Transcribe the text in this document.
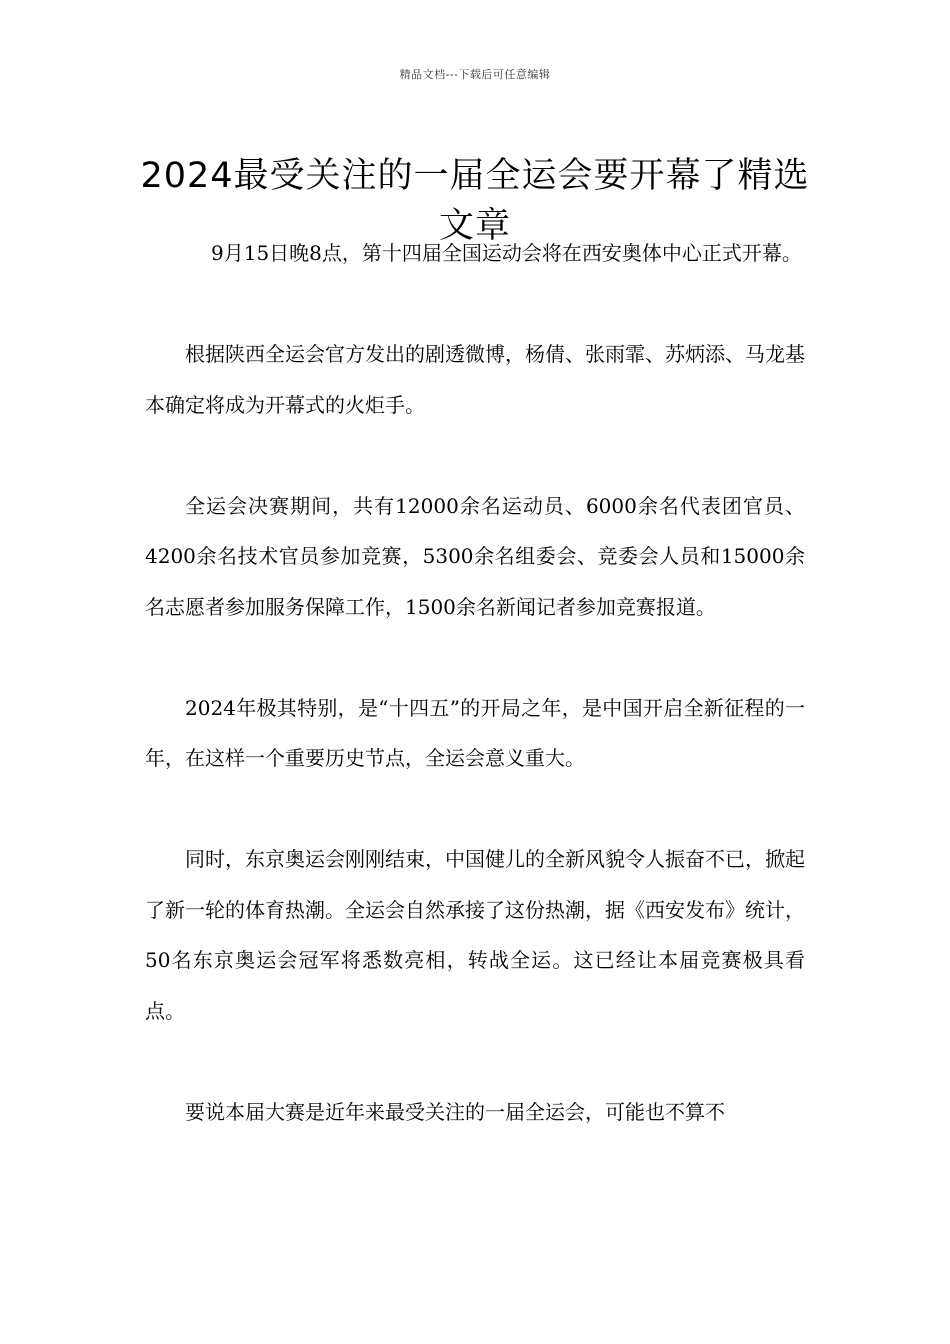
精品文档---下载后可任意编辑
2024最受关注的一届全运会要开幕了精选文章

9月15日晚8点，第十四届全国运动会将在西安奥体中心正式开幕。

根据陕西全运会官方发出的剧透微博，杨倩、张雨霏、苏炳添、马龙基本确定将成为开幕式的火炬手。

全运会决赛期间，共有12000余名运动员、6000余名代表团官员、4200余名技术官员参加竞赛，5300余名组委会、竞委会人员和15000余名志愿者参加服务保障工作，1500余名新闻记者参加竞赛报道。

2024年极其特别，是“十四五”的开局之年，是中国开启全新征程的一年，在这样一个重要历史节点，全运会意义重大。

同时，东京奥运会刚刚结束，中国健儿的全新风貌令人振奋不已，掀起了新一轮的体育热潮。全运会自然承接了这份热潮，据《西安发布》统计，50名东京奥运会冠军将悉数亮相，转战全运。这已经让本届竞赛极具看点。

要说本届大赛是近年来最受关注的一届全运会，可能也不算不
